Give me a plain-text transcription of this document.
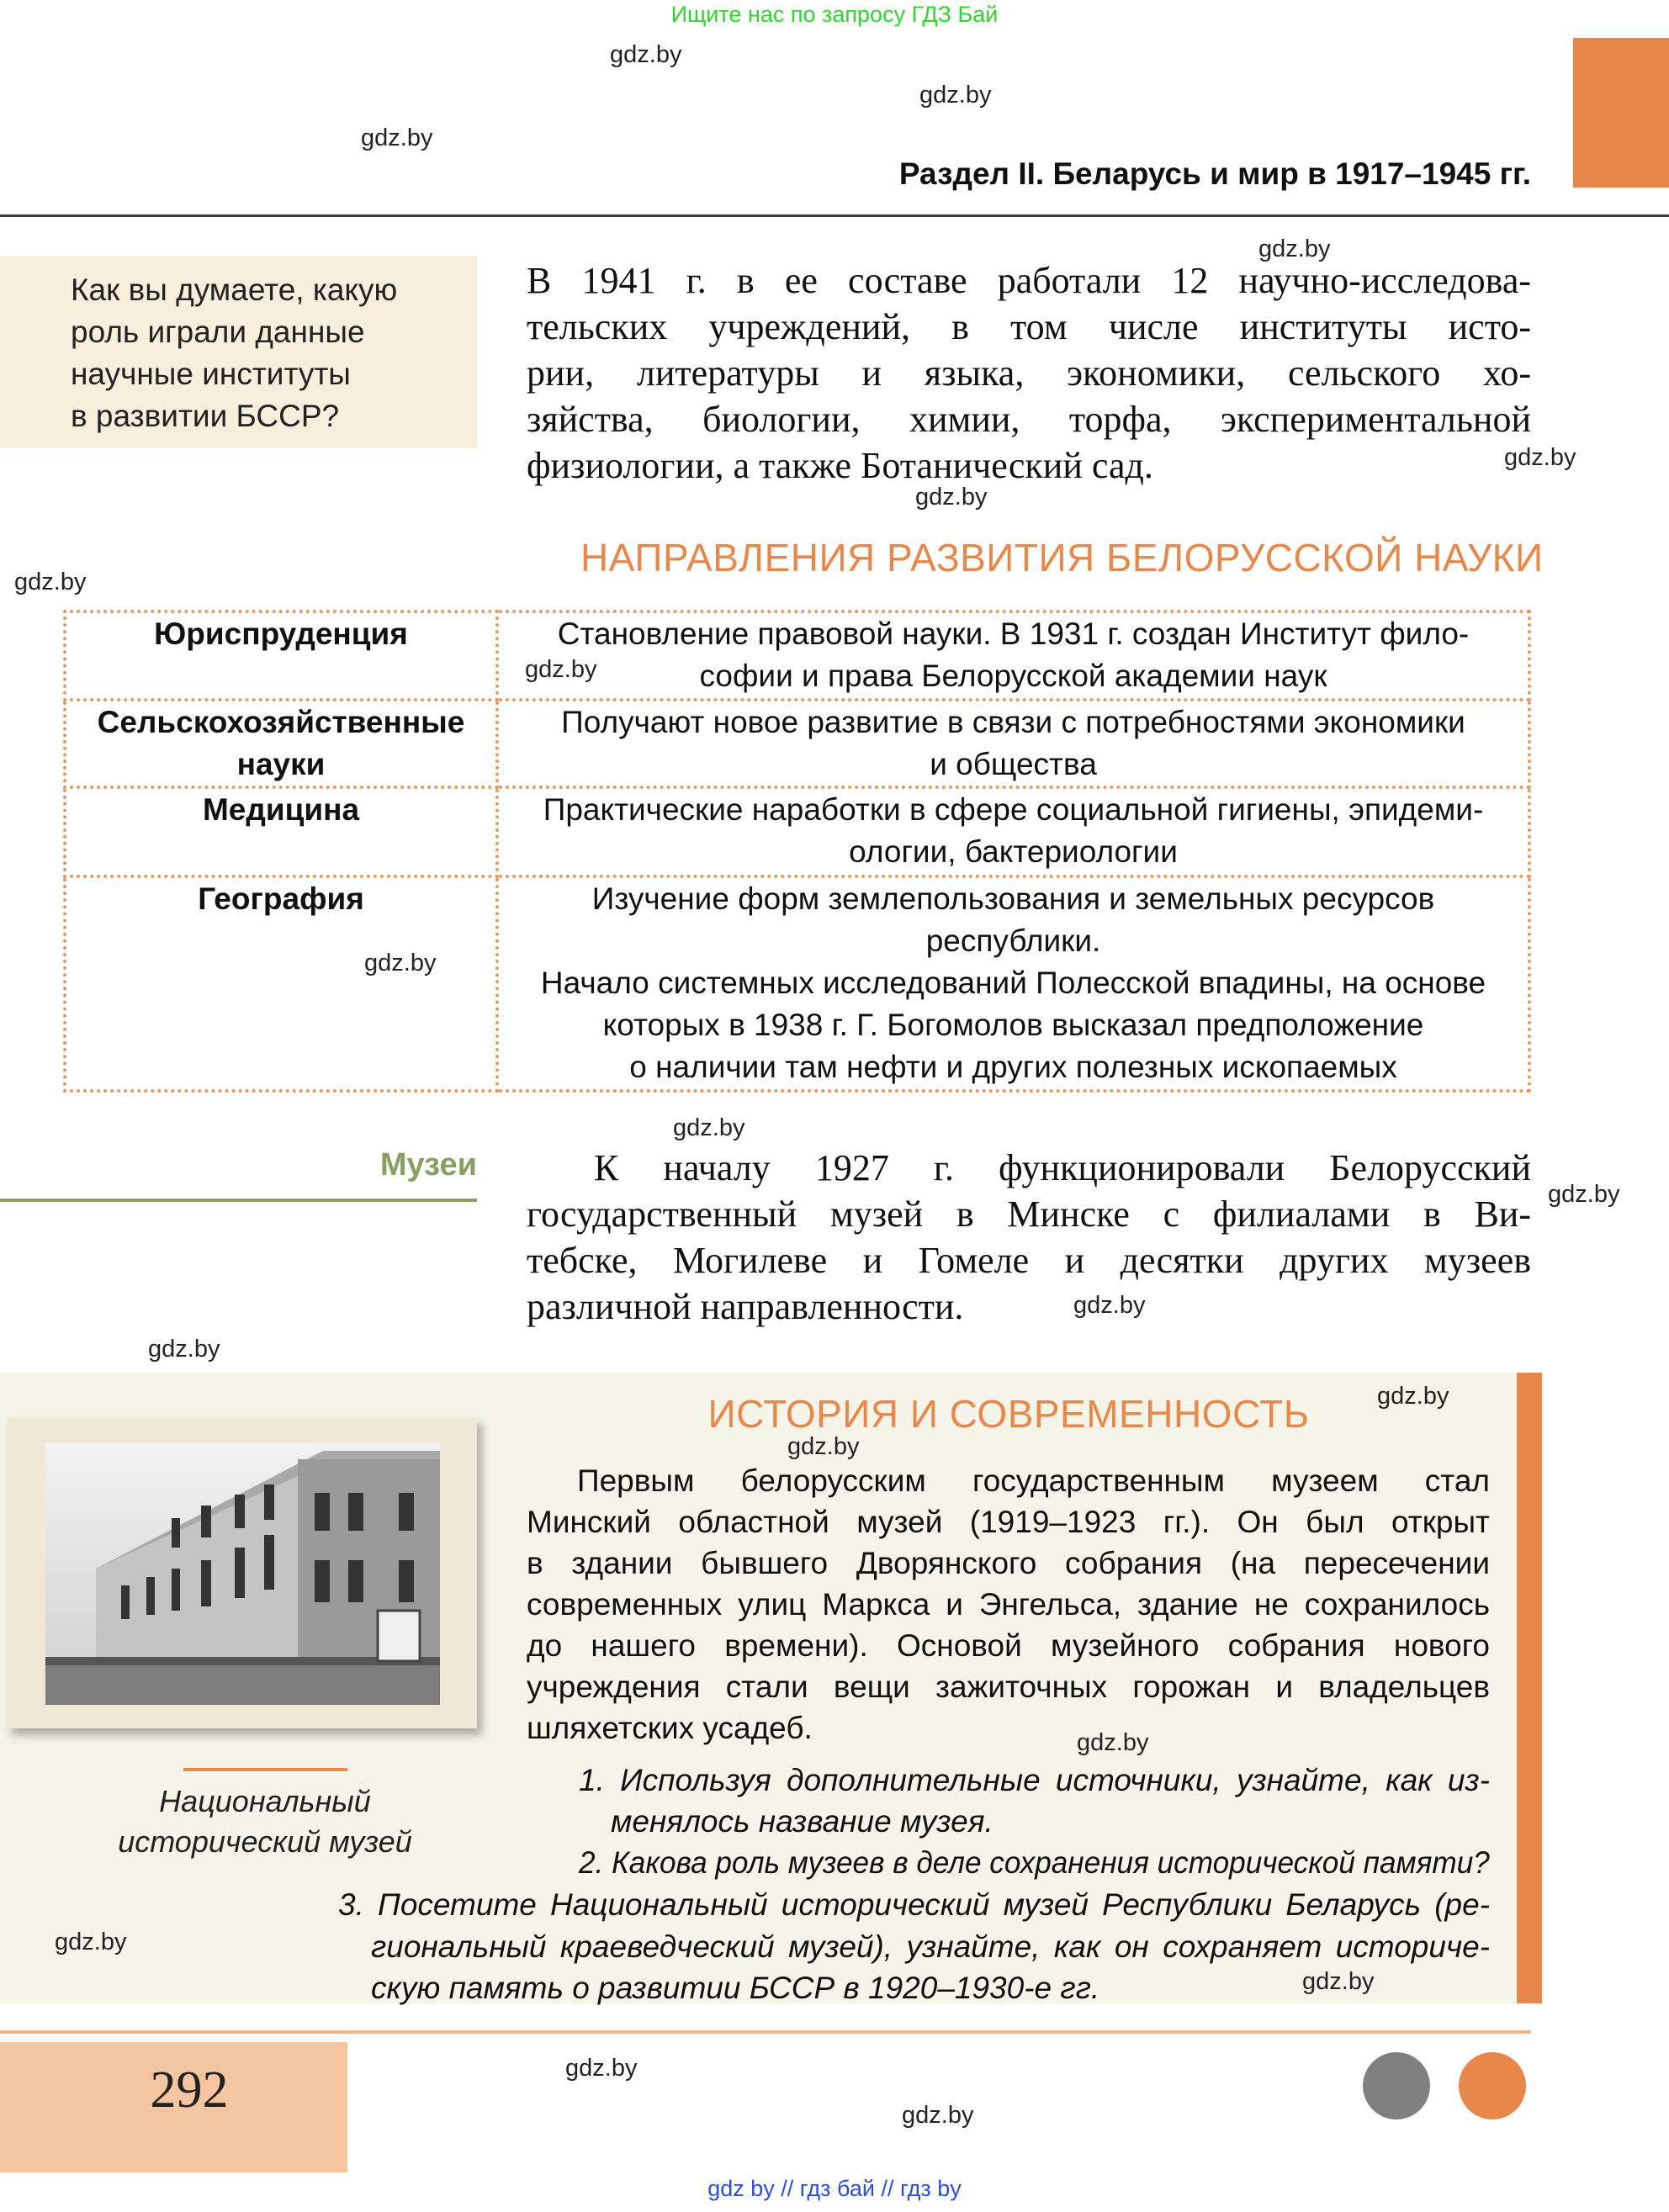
Ищите нас по запросу ГДЗ Бай
Раздел II. Беларусь и мир в 1917–1945 гг.
Как вы думаете, какую
роль играли данные
научные институты
в развитии БССР?
В 1941 г. в ее составе работали 12 научно-исследова-
тельских учреждений, в том числе институты исто-
рии, литературы и языка, экономики, сельского хо-
зяйства, биологии, химии, торфа, экспериментальной
физиологии, а также Ботанический сад.
НАПРАВЛЕНИЯ РАЗВИТИЯ БЕЛОРУССКОЙ НАУКИ
Юриспруденция	Становление правовой науки. В 1931 г. создан Институт фило-
софии и права Белорусской академии наук

Сельскохозяйственные науки	Получают новое развитие в связи с потребностями экономики
и общества

Медицина	Практические наработки в сфере социальной гигиены, эпидеми-
ологии, бактериологии

География	Изучение форм землепользования и земельных ресурсов
республики.
Начало системных исследований Полесской впадины, на основе
которых в 1938 г. Г. Богомолов высказал предположение
о наличии там нефти и других полезных ископаемых
Музеи	К началу 1927 г. функционировали Белорусский
государственный музей в Минске с филиалами в Ви-
тебске, Могилеве и Гомеле и десятки других музеев
различной направленности.
Национальный
исторический музей
ИСТОРИЯ И СОВРЕМЕННОСТЬ
Первым белорусским государственным музеем стал
Минский областной музей (1919–1923 гг.). Он был открыт
в здании бывшего Дворянского собрания (на пересечении
современных улиц Маркса и Энгельса, здание не сохранилось
до нашего времени). Основой музейного собрания нового
учреждения стали вещи зажиточных горожан и владельцев
шляхетских усадеб.
1. Используя дополнительные источники, узнайте, как из-
менялось название музея.
2. Какова роль музеев в деле сохранения исторической памяти?
3. Посетите Национальный исторический музей Республики Беларусь (ре-
гиональный краеведческий музей), узнайте, как он сохраняет историче-
скую память о развитии БССР в 1920–1930-е гг.
292
gdz by // гдз бай // гдз by
gdz.by
gdz.by
gdz.by
gdz.by
gdz.by
gdz.by
gdz.by
gdz.by
gdz.by
gdz.by
gdz.by
gdz.by
gdz.by
gdz.by
gdz.by
gdz.by
gdz.by
gdz.by
gdz.by
gdz.by
